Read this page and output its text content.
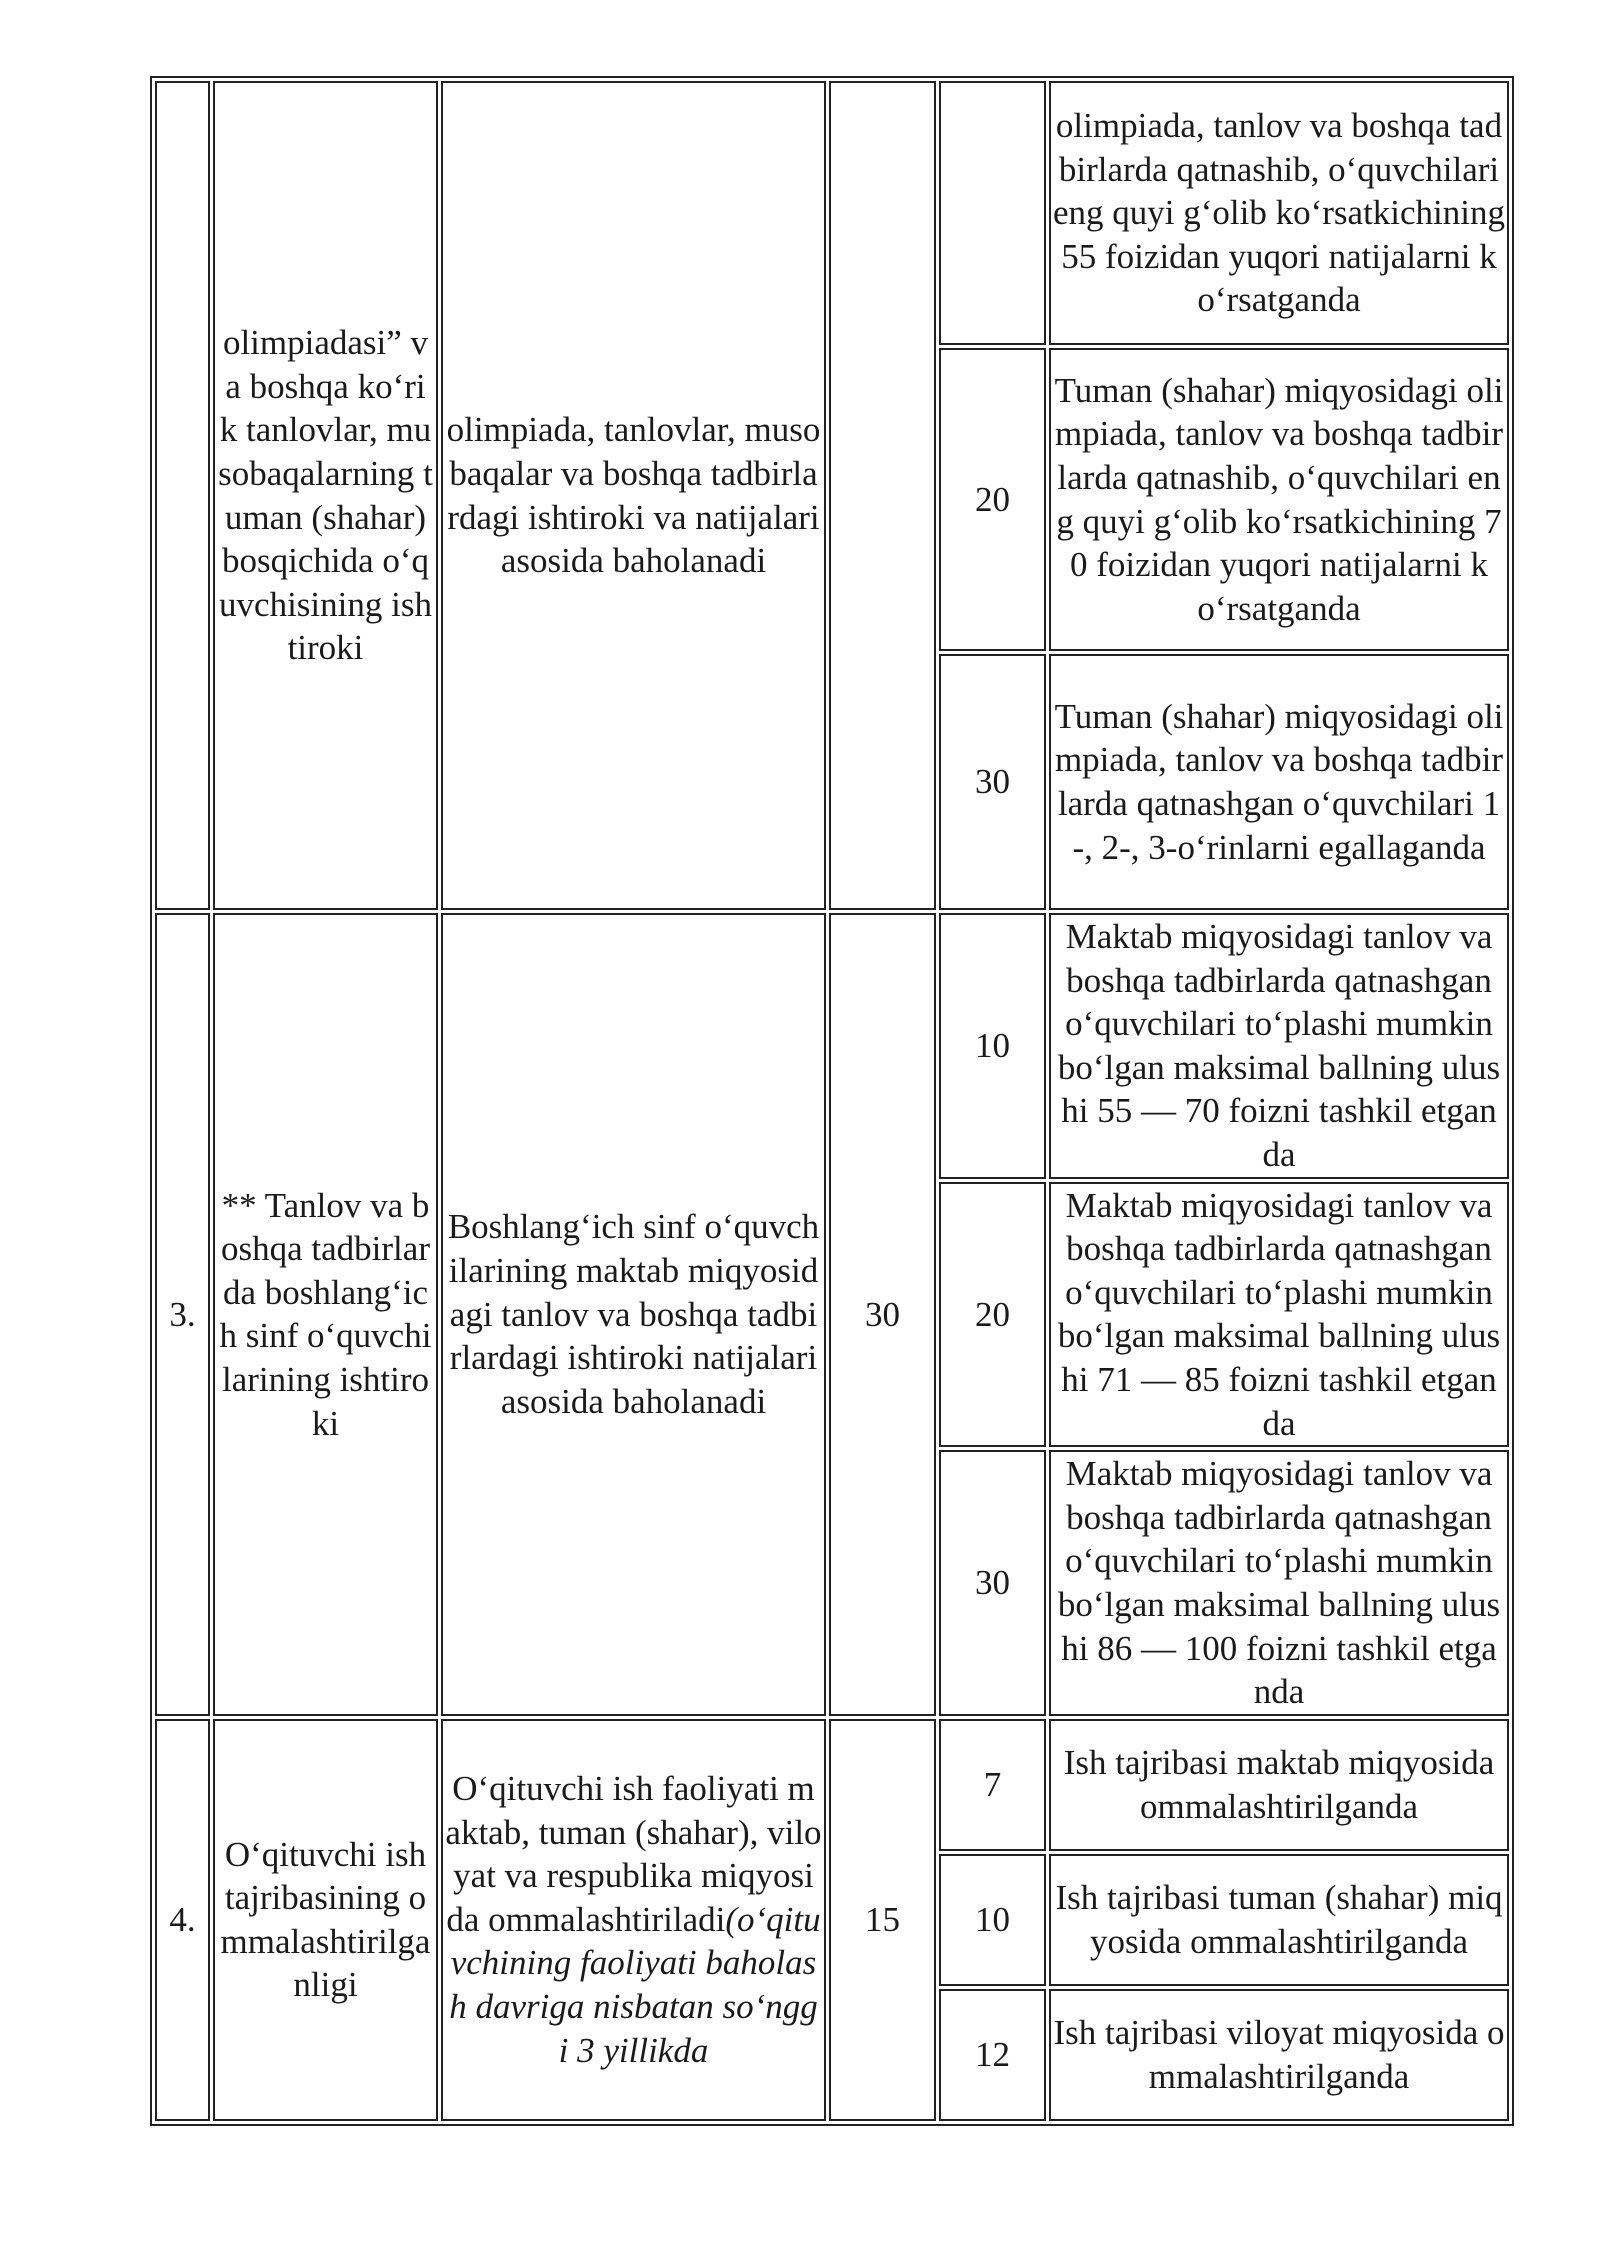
	olimpiadasi” va boshqa ko‘rik tanlovlar, musobaqalarning tuman (shahar) bosqichida o‘quvchisining ishtiroki	olimpiada, tanlovlar, musobaqalar va boshqa tadbirlardagi ishtiroki va natijalari asosida baholanadi			olimpiada, tanlov va boshqa tadbirlarda qatnashib, o‘quvchilari eng quyi g‘olib ko‘rsatkichining 55 foizidan yuqori natijalarni ko‘rsatganda
				20	Tuman (shahar) miqyosidagi olimpiada, tanlov va boshqa tadbirlarda qatnashib, o‘quvchilari eng quyi g‘olib ko‘rsatkichining 70 foizidan yuqori natijalarni ko‘rsatganda
				30	Tuman (shahar) miqyosidagi olimpiada, tanlov va boshqa tadbirlarda qatnashgan o‘quvchilari 1-, 2-, 3-o‘rinlarni egallaganda
3.	** Tanlov va boshqa tadbirlarda boshlang‘ich sinf o‘quvchilarining ishtiroki	Boshlang‘ich sinf o‘quvchilarining maktab miqyosidagi tanlov va boshqa tadbirlardagi ishtiroki natijalari asosida baholanadi	30	10	Maktab miqyosidagi tanlov va boshqa tadbirlarda qatnashgan o‘quvchilari to‘plashi mumkin bo‘lgan maksimal ballning ulushi 55 — 70 foizni tashkil etganda
				20	Maktab miqyosidagi tanlov va boshqa tadbirlarda qatnashgan o‘quvchilari to‘plashi mumkin bo‘lgan maksimal ballning ulushi 71 — 85 foizni tashkil etganda
				30	Maktab miqyosidagi tanlov va boshqa tadbirlarda qatnashgan o‘quvchilari to‘plashi mumkin bo‘lgan maksimal ballning ulushi 86 — 100 foizni tashkil etganda
4.	O‘qituvchi ish tajribasining ommalashtirilganligi	O‘qituvchi ish faoliyati maktab, tuman (shahar), viloyat va respublika miqyosida ommalashtiriladi(o‘qituvchining faoliyati baholash davriga nisbatan so‘nggi 3 yillikda	15	7	Ish tajribasi maktab miqyosida ommalashtirilganda
				10	Ish tajribasi tuman (shahar) miqyosida ommalashtirilganda
				12	Ish tajribasi viloyat miqyosida ommalashtirilganda
